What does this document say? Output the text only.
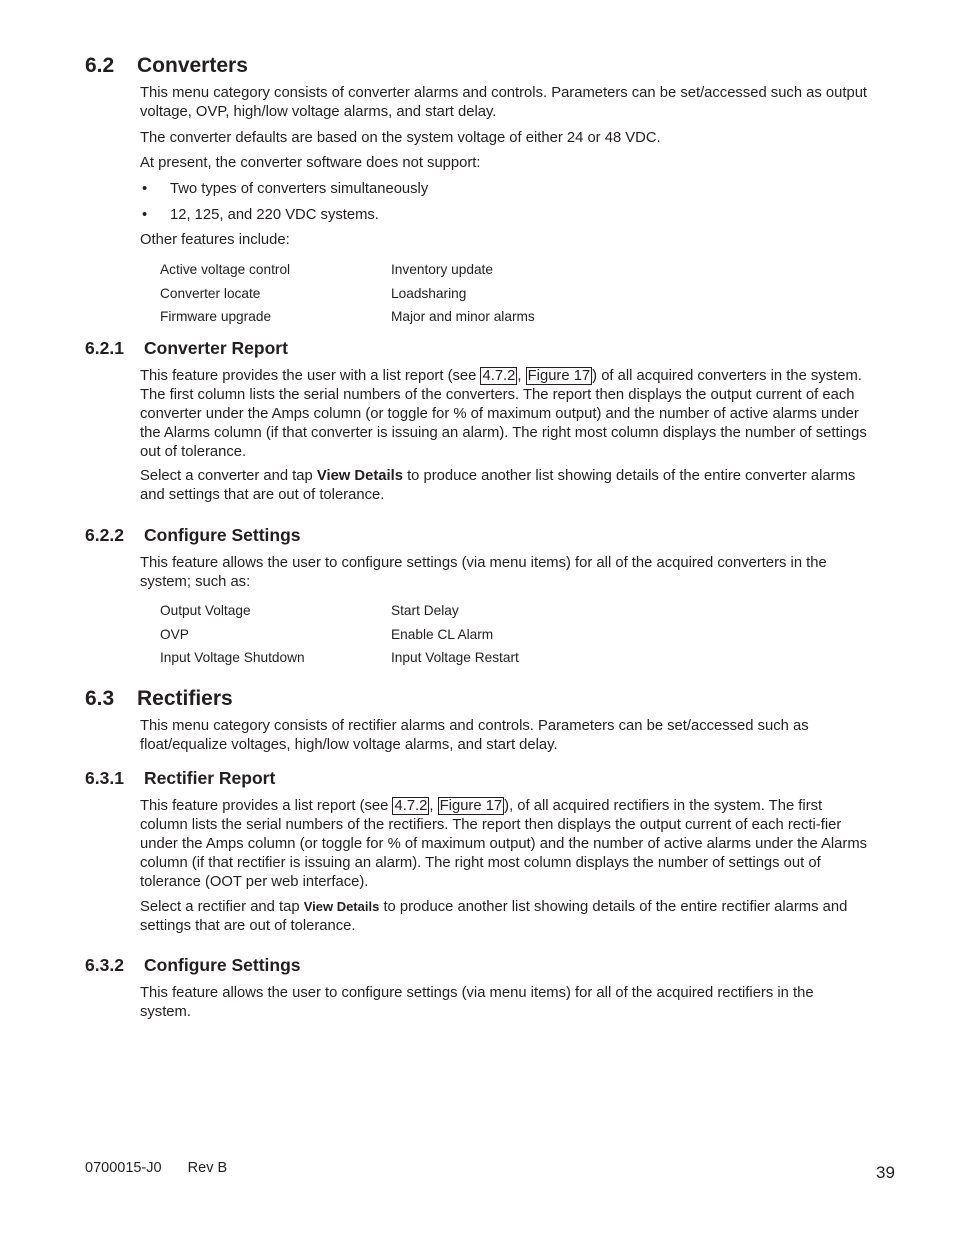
6.2 Converters

This menu category consists of converter alarms and controls. Parameters can be set/accessed such as output voltage, OVP, high/low voltage alarms, and start delay.

The converter defaults are based on the system voltage of either 24 or 48 VDC.

At present, the converter software does not support:

• Two types of converters simultaneously
• 12, 125, and 220 VDC systems.

Other features include:

Active voltage control	Inventory update
Converter locate	Loadsharing
Firmware upgrade	Major and minor alarms
6.2.1 Converter Report

This feature provides the user with a list report (see 4.7.2 , Figure 17 ) of all acquired converters in the system. The first column lists the serial numbers of the converters. The report then displays the output current of each converter under the Amps column (or toggle for % of maximum output) and the number of active alarms under the Alarms column (if that converter is issuing an alarm). The right most column displays the number of settings out of tolerance.

Select a converter and tap View Details to produce another list showing details of the entire converter alarms and settings that are out of tolerance.

6.2.2 Configure Settings

This feature allows the user to configure settings (via menu items) for all of the acquired converters in the system; such as:

Output Voltage	Start Delay
OVP	Enable CL Alarm
Input Voltage Shutdown	Input Voltage Restart
6.3 Rectifiers

This menu category consists of rectifier alarms and controls. Parameters can be set/accessed such as float/equalize voltages, high/low voltage alarms, and start delay.

6.3.1 Rectifier Report

This feature provides a list report (see 4.7.2 , Figure 17 ), of all acquired rectifiers in the system. The first column lists the serial numbers of the rectifiers. The report then displays the output current of each recti-fier under the Amps column (or toggle for % of maximum output) and the number of active alarms under the Alarms column (if that rectifier is issuing an alarm). The right most column displays the number of settings out of tolerance (OOT per web interface).

Select a rectifier and tap View Details to produce another list showing details of the entire rectifier alarms and settings that are out of tolerance.

6.3.2 Configure Settings

This feature allows the user to configure settings (via menu items) for all of the acquired rectifiers in the system.

0700015-J0 Rev B	39
